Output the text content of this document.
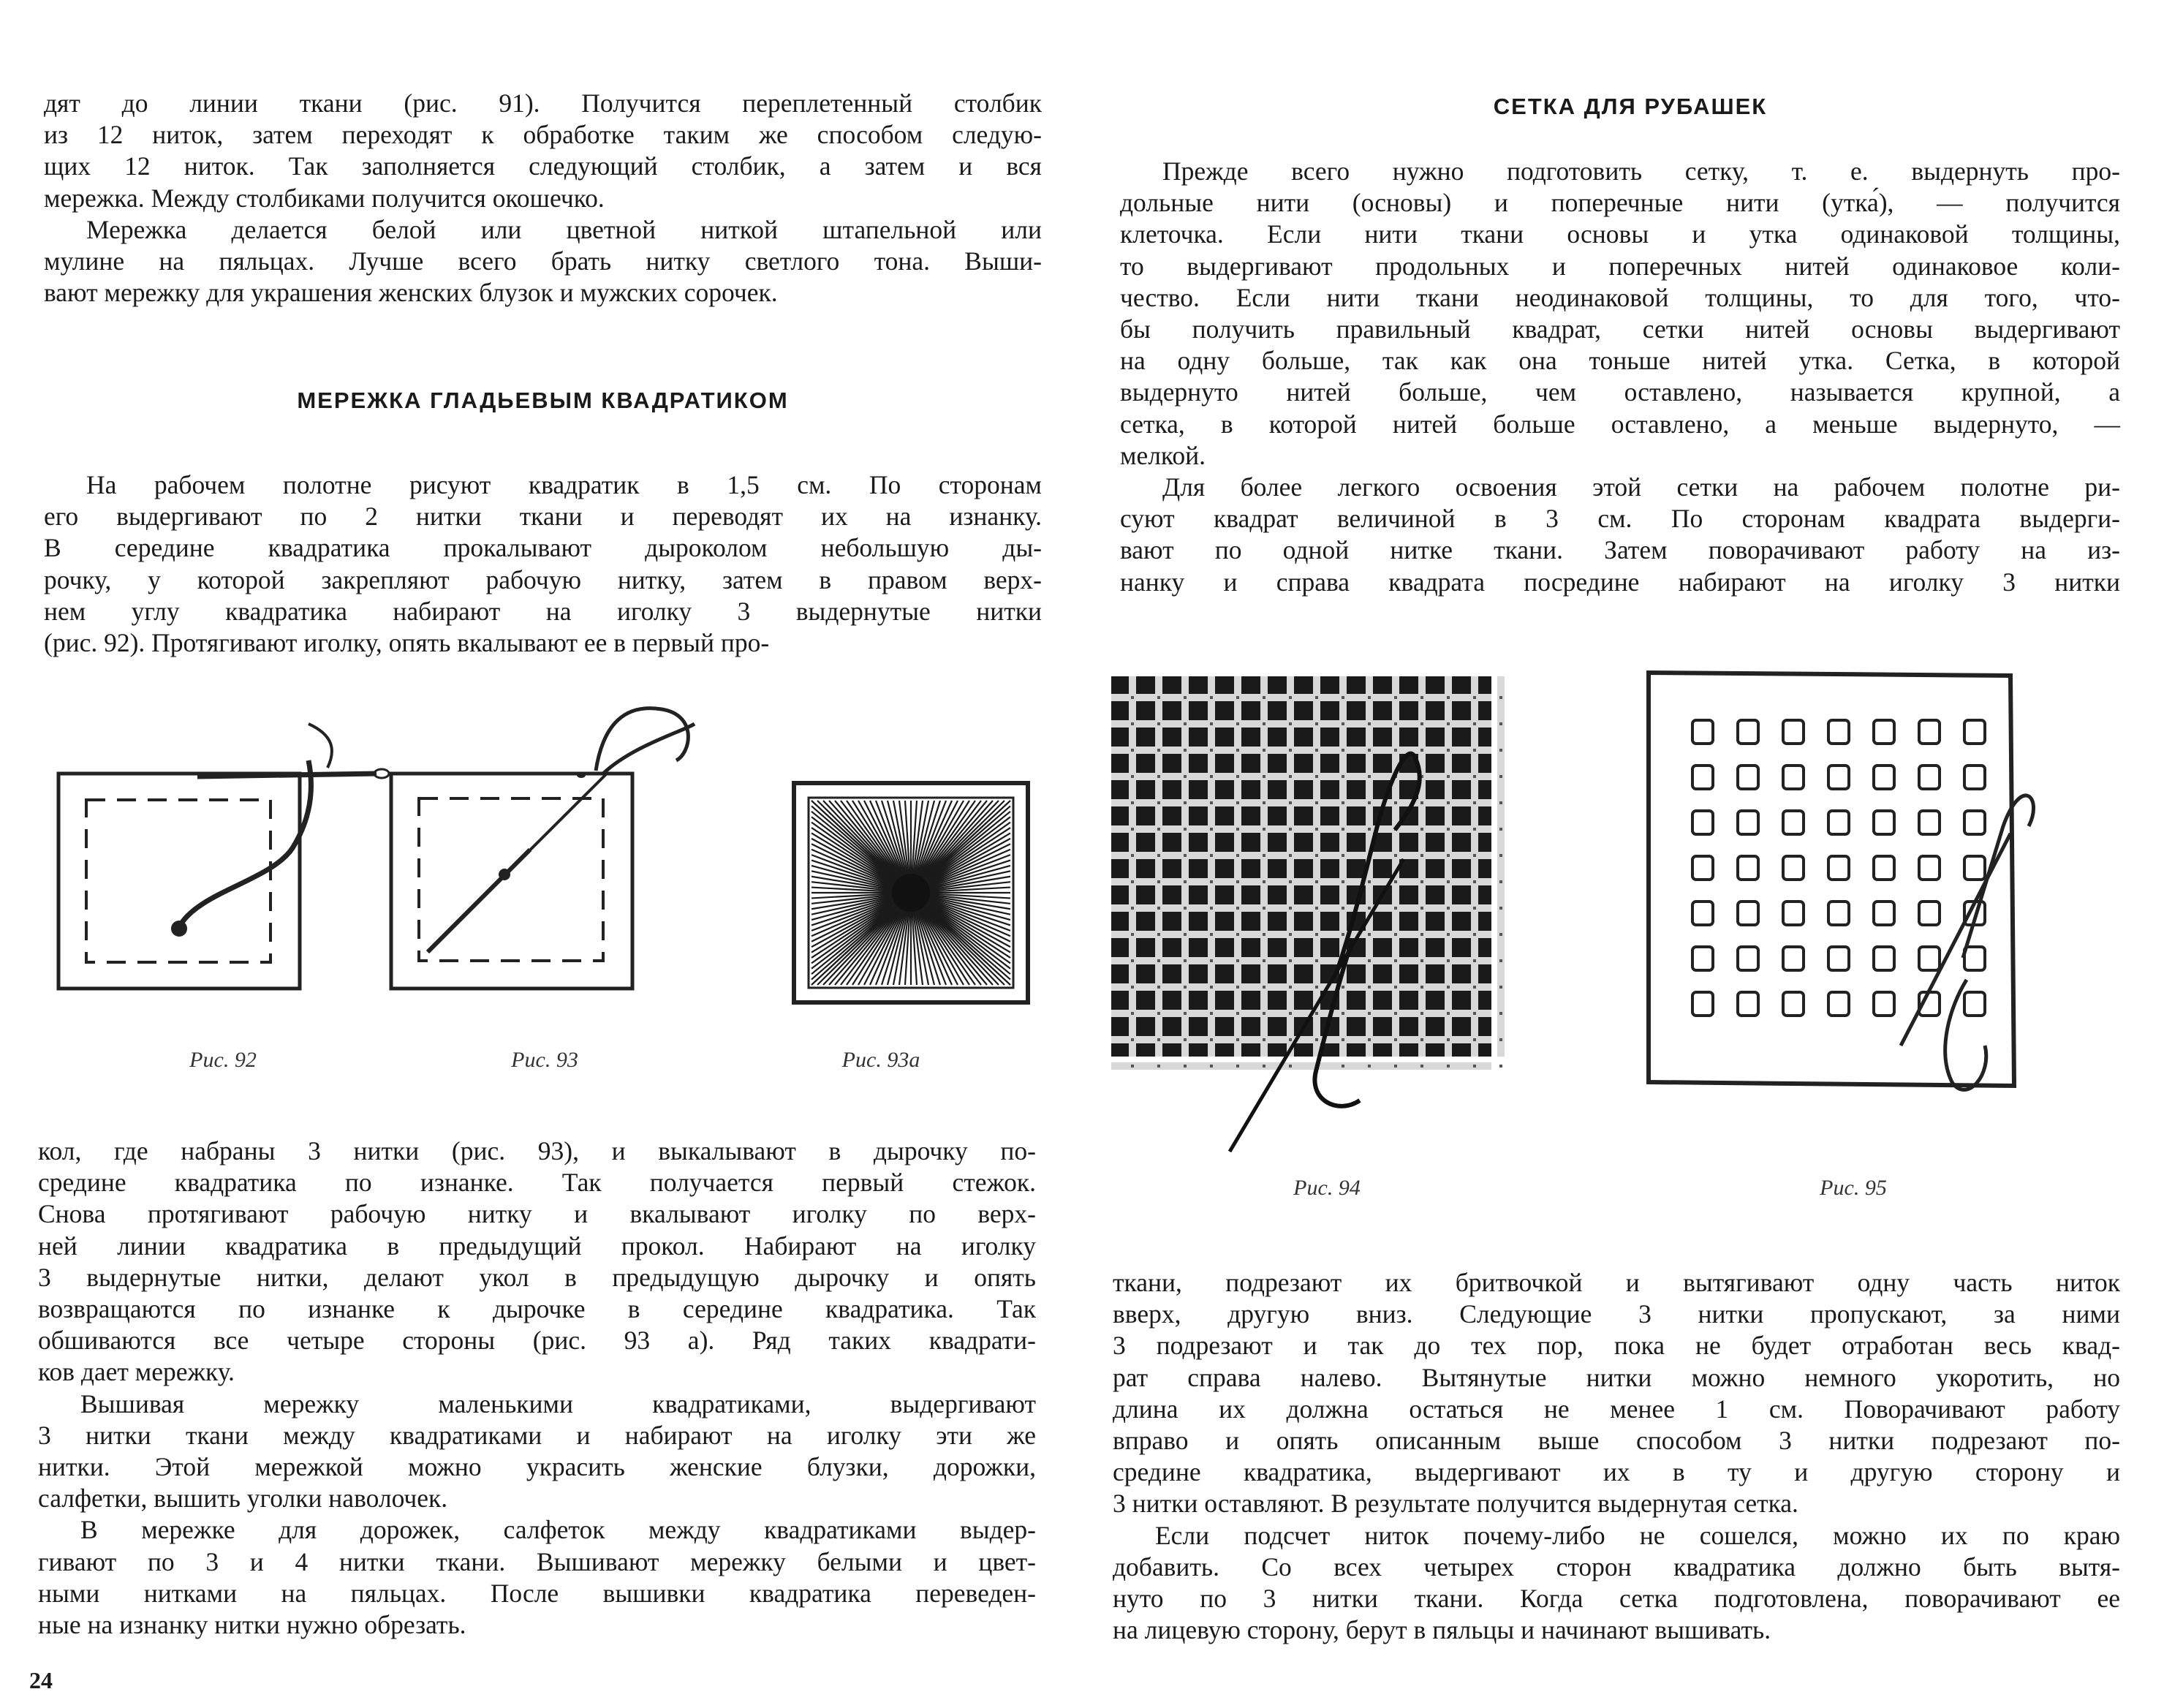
дят до линии ткани (рис. 91). Получится переплетенный столбик
из 12 ниток, затем переходят к обработке таким же способом следую-
щих 12 ниток. Так заполняется следующий столбик, а затем и вся
мережка. Между столбиками получится окошечко.
Мережка делается белой или цветной ниткой штапельной или
мулине на пяльцах. Лучше всего брать нитку светлого тона. Выши-
вают мережку для украшения женских блузок и мужских сорочек.
МЕРЕЖКА ГЛАДЬЕВЫМ КВАДРАТИКОМ
На рабочем полотне рисуют квадратик в 1,5 см. По сторонам
его выдергивают по 2 нитки ткани и переводят их на изнанку.
В середине квадратика прокалывают дыроколом небольшую ды-
рочку, у которой закрепляют рабочую нитку, затем в правом верх-
нем углу квадратика набирают на иголку 3 выдернутые нитки
(рис. 92). Протягивают иголку, опять вкалывают ее в первый про-
Рис. 92	Рис. 93	Рис. 93а
кол, где набраны 3 нитки (рис. 93), и выкалывают в дырочку по-
средине квадратика по изнанке. Так получается первый стежок.
Снова протягивают рабочую нитку и вкалывают иголку по верх-
ней линии квадратика в предыдущий прокол. Набирают на иголку
3 выдернутые нитки, делают укол в предыдущую дырочку и опять
возвращаются по изнанке к дырочке в середине квадратика. Так
обшиваются все четыре стороны (рис. 93 а). Ряд таких квадрати-
ков дает мережку.
Вышивая мережку маленькими квадратиками, выдергивают
3 нитки ткани между квадратиками и набирают на иголку эти же
нитки. Этой мережкой можно украсить женские блузки, дорожки,
салфетки, вышить уголки наволочек.
В мережке для дорожек, салфеток между квадратиками выдер-
гивают по 3 и 4 нитки ткани. Вышивают мережку белыми и цвет-
ными нитками на пяльцах. После вышивки квадратика переведен-
ные на изнанку нитки нужно обрезать.
24
СЕТКА ДЛЯ РУБАШЕК
Прежде всего нужно подготовить сетку, т. е. выдернуть про-
дольные нити (основы) и поперечные нити (утка́), — получится
клеточка. Если нити ткани основы и утка одинаковой толщины,
то выдергивают продольных и поперечных нитей одинаковое коли-
чество. Если нити ткани неодинаковой толщины, то для того, что-
бы получить правильный квадрат, сетки нитей основы выдергивают
на одну больше, так как она тоньше нитей утка. Сетка, в которой
выдернуто нитей больше, чем оставлено, называется крупной, а
сетка, в которой нитей больше оставлено, а меньше выдернуто, —
мелкой.
Для более легкого освоения этой сетки на рабочем полотне ри-
суют квадрат величиной в 3 см. По сторонам квадрата выдерги-
вают по одной нитке ткани. Затем поворачивают работу на из-
нанку и справа квадрата посредине набирают на иголку 3 нитки
Рис. 94	Рис. 95
ткани, подрезают их бритвочкой и вытягивают одну часть ниток
вверх, другую вниз. Следующие 3 нитки пропускают, за ними
3 подрезают и так до тех пор, пока не будет отработан весь квад-
рат справа налево. Вытянутые нитки можно немного укоротить, но
длина их должна остаться не менее 1 см. Поворачивают работу
вправо и опять описанным выше способом 3 нитки подрезают по-
средине квадратика, выдергивают их в ту и другую сторону и
3 нитки оставляют. В результате получится выдернутая сетка.
Если подсчет ниток почему-либо не сошелся, можно их по краю
добавить. Со всех четырех сторон квадратика должно быть вытя-
нуто по 3 нитки ткани. Когда сетка подготовлена, поворачивают ее
на лицевую сторону, берут в пяльцы и начинают вышивать.
